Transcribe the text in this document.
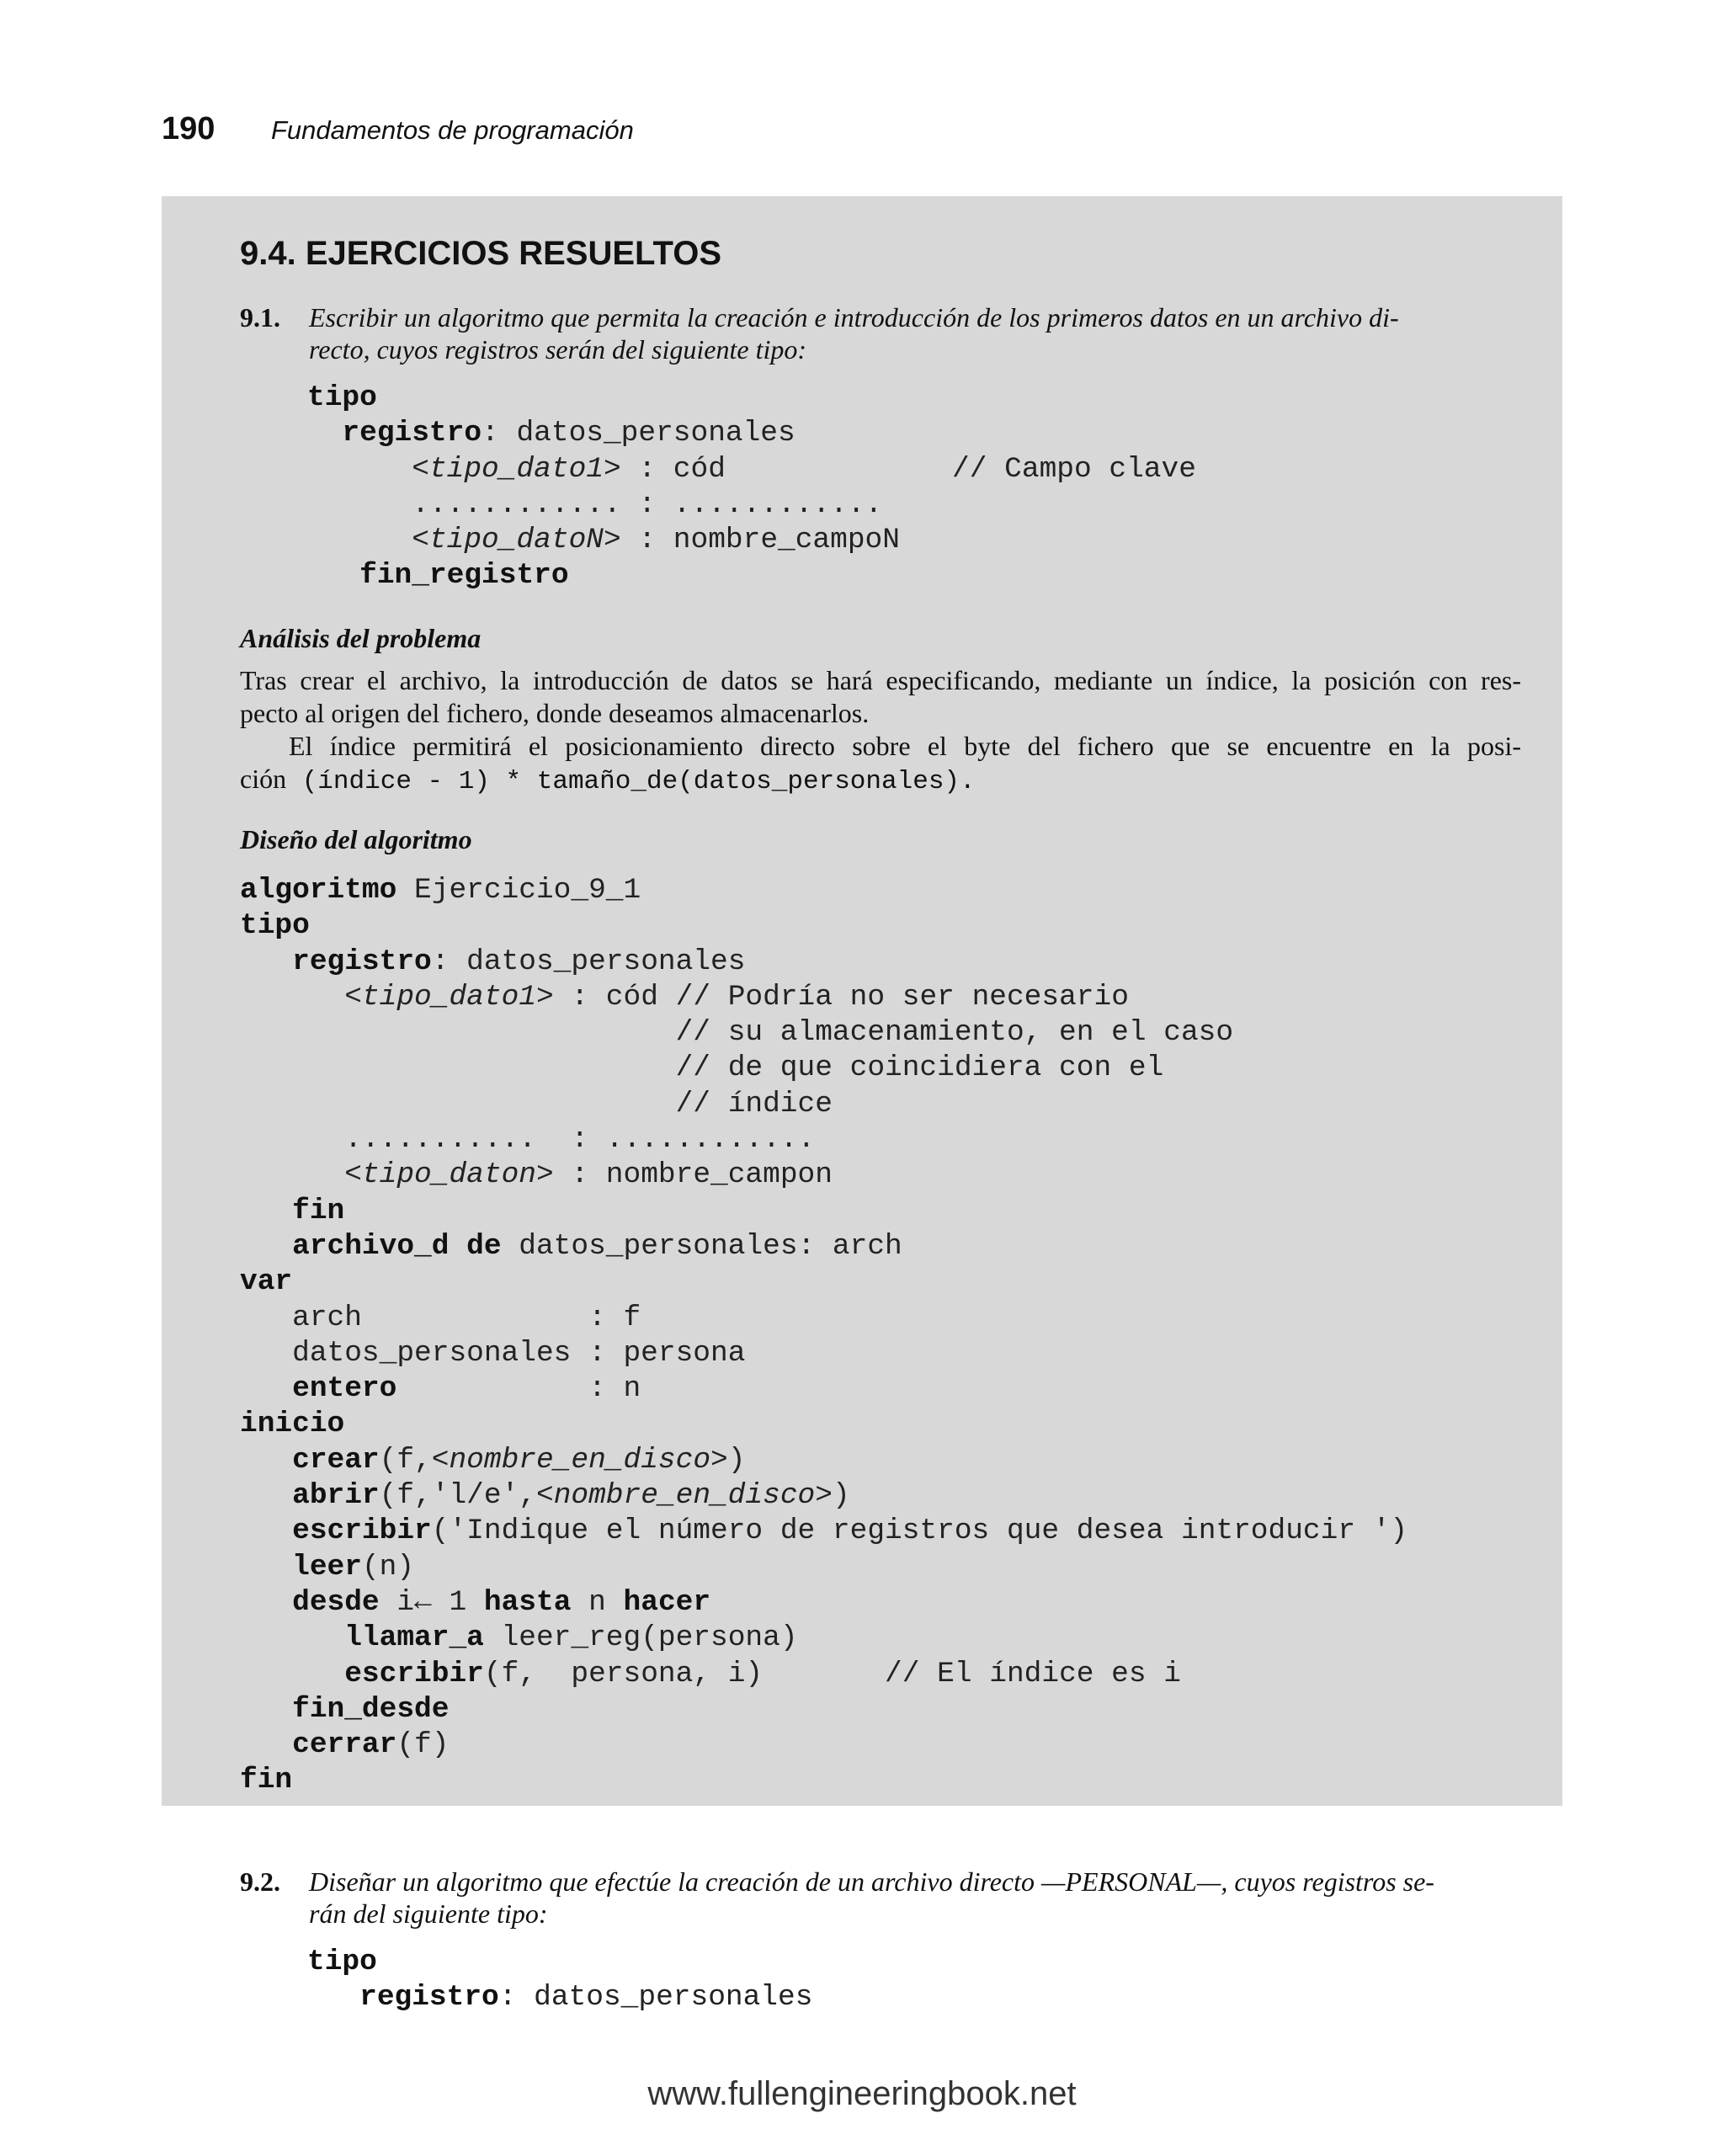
190 Fundamentos de programación
9.4. EJERCICIOS RESUELTOS
9.1. Escribir un algoritmo que permita la creación e introducción de los primeros datos en un archivo di-
recto, cuyos registros serán del siguiente tipo:
tipo
registro: datos_personales
<tipo_dato1> : cód             // Campo clave
............ : ............
<tipo_datoN> : nombre_campoN
fin_registro
Análisis del problema
Tras crear el archivo, la introducción de datos se hará especificando, mediante un índice, la posición con res-
pecto al origen del fichero, donde deseamos almacenarlos.
El índice permitirá el posicionamiento directo sobre el byte del fichero que se encuentre en la posi-
ción (índice - 1) * tamaño_de(datos_personales).
Diseño del algoritmo
algoritmo Ejercicio_9_1
tipo
registro: datos_personales
<tipo_dato1> : cód // Podría no ser necesario
// su almacenamiento, en el caso
// de que coincidiera con el
// índice
...........  : ............
<tipo_daton> : nombre_campon
fin
archivo_d de datos_personales: arch
var
arch             : f
datos_personales : persona
entero           : n
inicio
crear(f,<nombre_en_disco>)
abrir(f,'l/e',<nombre_en_disco>)
escribir('Indique el número de registros que desea introducir ')
leer(n)
desde i← 1 hasta n hacer
llamar_a leer_reg(persona)
escribir(f,  persona, i)       // El índice es i
fin_desde
cerrar(f)
fin
9.2. Diseñar un algoritmo que efectúe la creación de un archivo directo —PERSONAL—, cuyos registros se-
rán del siguiente tipo:
tipo
registro: datos_personales
www.fullengineeringbook.net
